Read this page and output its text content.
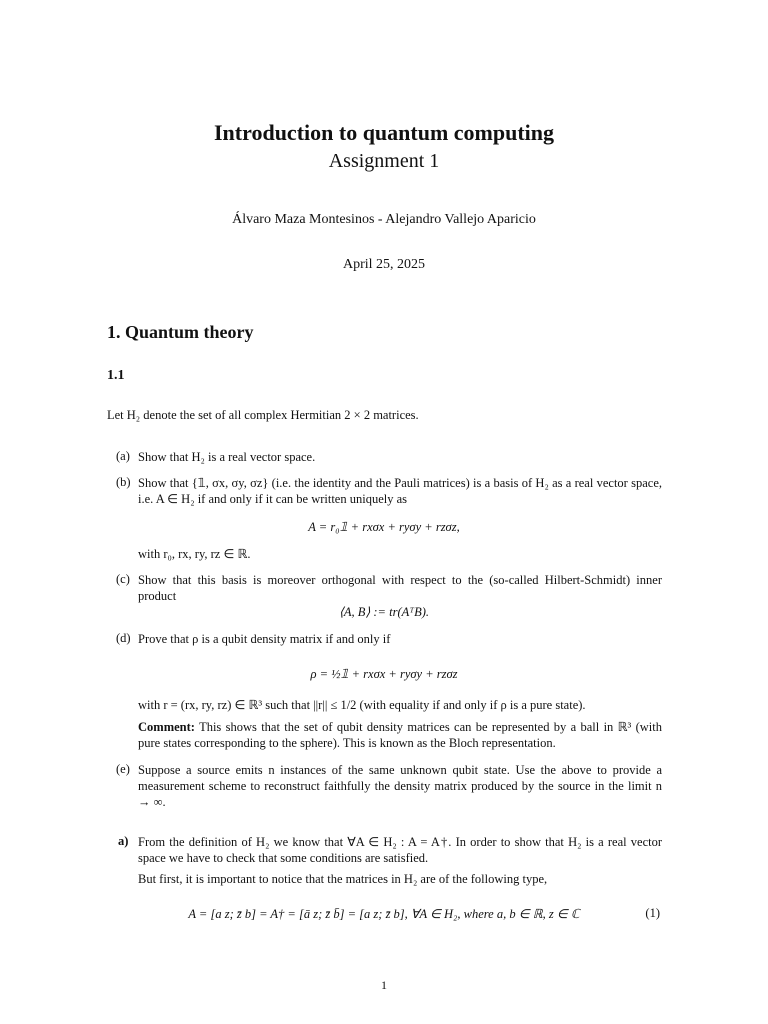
Introduction to quantum computing
Assignment 1
Álvaro Maza Montesinos - Alejandro Vallejo Aparicio
April 25, 2025
1. Quantum theory
1.1
Let H₂ denote the set of all complex Hermitian 2 × 2 matrices.
(a) Show that H₂ is a real vector space.
(b) Show that {𝟙, σx, σy, σz} (i.e. the identity and the Pauli matrices) is a basis of H₂ as a real vector space, i.e. A ∈ H₂ if and only if it can be written uniquely as
A = r₀𝟙 + rxσx + ryσy + rzσz,
with r₀, rx, ry, rz ∈ ℝ.
(c) Show that this basis is moreover orthogonal with respect to the (so-called Hilbert-Schmidt) inner product
⟨A, B⟩ := tr(AᵀB).
(d) Prove that ρ is a qubit density matrix if and only if
ρ = ½𝟙 + rxσx + ryσy + rzσz
with r = (rx, ry, rz) ∈ ℝ³ such that ||r|| ≤ 1/2 (with equality if and only if ρ is a pure state).
Comment: This shows that the set of qubit density matrices can be represented by a ball in ℝ³ (with pure states corresponding to the sphere). This is known as the Bloch representation.
(e) Suppose a source emits n instances of the same unknown qubit state. Use the above to provide a measurement scheme to reconstruct faithfully the density matrix produced by the source in the limit n → ∞.
a) From the definition of H₂ we know that ∀A ∈ H₂ : A = A†. In order to show that H₂ is a real vector space we have to check that some conditions are satisfied.
But first, it is important to notice that the matrices in H₂ are of the following type,
A = [a z; z̄ b] = A† = [ā z; z̄ b̄] = [a z; z̄ b], ∀A ∈ H₂, where a, b ∈ ℝ, z ∈ ℂ	(1)
1
